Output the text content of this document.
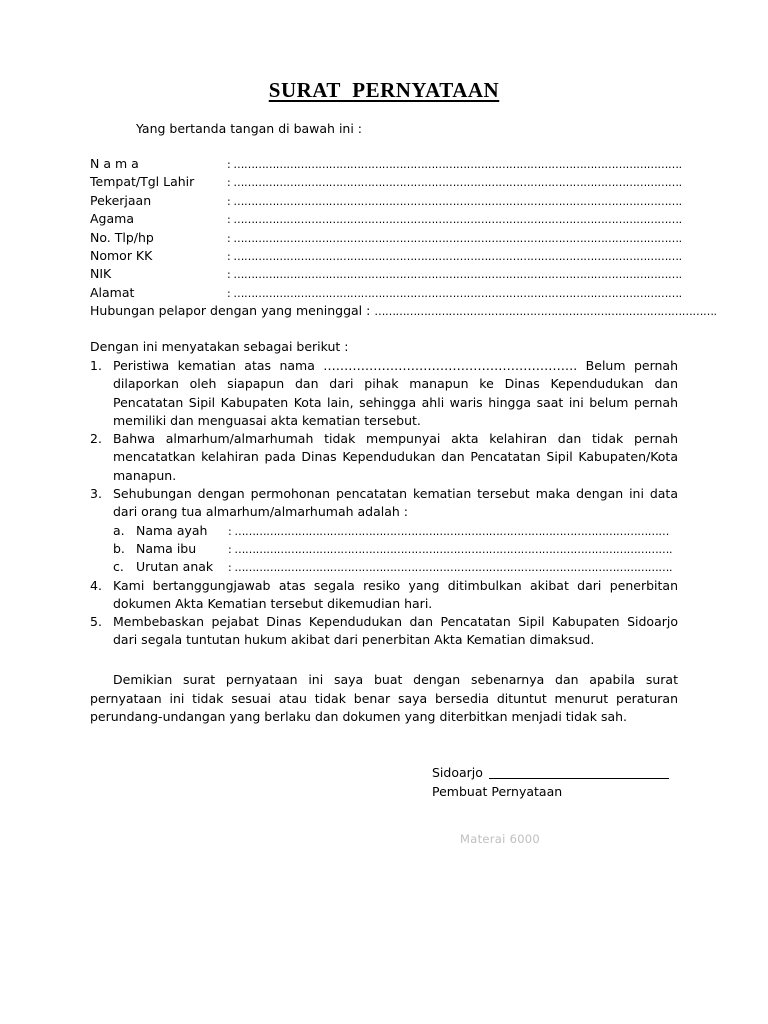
SURAT PERNYATAAN
Yang bertanda tangan di bawah ini :
N a m a	: ……………………………………………………………………………………………………………….
Tempat/Tgl Lahir	: ……………………………………………………………………………………………………………….
Pekerjaan	: ……………………………………………………………………………………………………………….
Agama	: ……………………………………………………………………………………………………………….
No. Tlp/hp	: ……………………………………………………………………………………………………………….
Nomor KK	: ……………………………………………………………………………………………………………….
NIK	: ……………………………………………………………………………………………………………….
Alamat	: ……………………………………………………………………………………………………………….
Hubungan pelapor dengan yang meninggal : …………………………………………………………………………………….
Dengan ini menyatakan sebagai berikut :
1. Peristiwa kematian atas nama ……………………………………………………. Belum pernah dilaporkan oleh siapapun dan dari pihak manapun ke Dinas Kependudukan dan Pencatatan Sipil Kabupaten Kota lain, sehingga ahli waris hingga saat ini belum pernah memiliki dan menguasai akta kematian tersebut.
2. Bahwa almarhum/almarhumah tidak mempunyai akta kelahiran dan tidak pernah mencatatkan kelahiran pada Dinas Kependudukan dan Pencatatan Sipil Kabupaten/Kota manapun.
3. Sehubungan dengan permohonan pencatatan kematian tersebut maka dengan ini data dari orang tua almarhum/almarhumah adalah :
a. Nama ayah : ……………………………………………………………………………………………………………
b. Nama ibu	: …………………………………………………………………………………………………………….
c. Urutan anak : …………………………………………………………………………………………………………….
4. Kami bertanggungjawab atas segala resiko yang ditimbulkan akibat dari penerbitan dokumen Akta Kematian tersebut dikemudian hari.
5. Membebaskan pejabat Dinas Kependudukan dan Pencatatan Sipil Kabupaten Sidoarjo dari segala tuntutan hukum akibat dari penerbitan Akta Kematian dimaksud.
Demikian surat pernyataan ini saya buat dengan sebenarnya dan apabila surat pernyataan ini tidak sesuai atau tidak benar saya bersedia dituntut menurut peraturan perundang-undangan yang berlaku dan dokumen yang diterbitkan menjadi tidak sah.
Sidoarjo
Pembuat Pernyataan
Materai 6000
